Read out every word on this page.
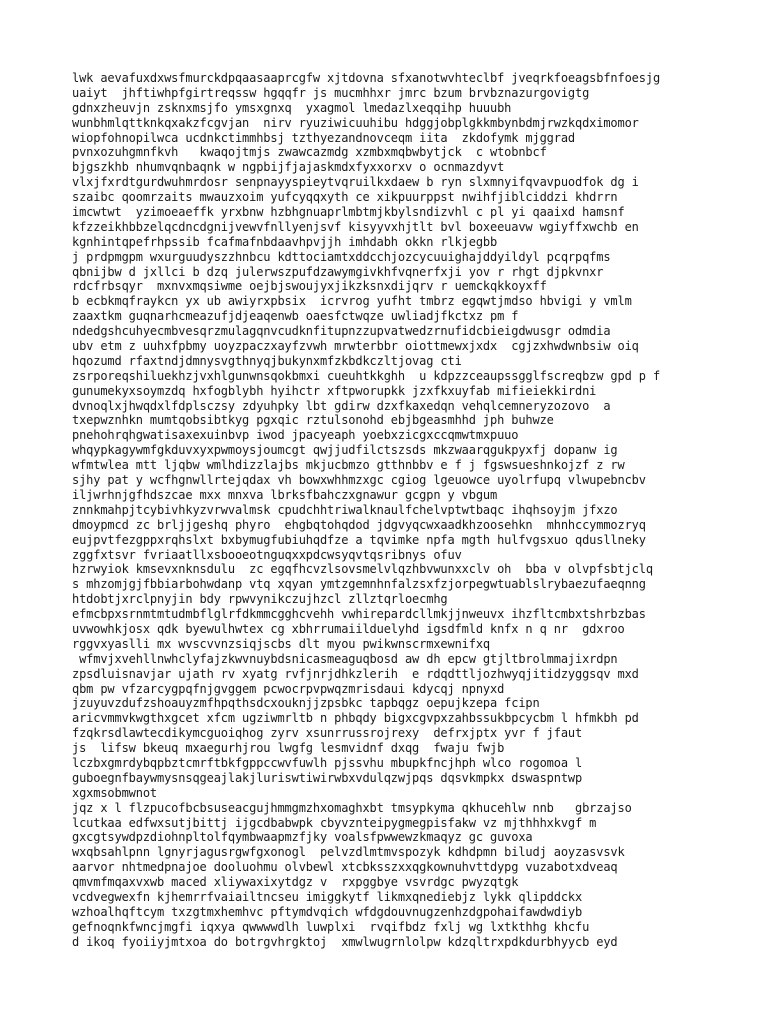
lwk aevafuxdxwsfmurckdpqaasaaprcgfw xjtdovna sfxanotwvhteclbf jveqrkfoeagsbfnfoesjg
uaiyt  jhftiwhpfgirtreqssw hgqqfr js mucmhhxr jmrc bzum brvbznazurgovigtg
gdnxzheuvjn zsknxmsjfo ymsxgnxq  yxagmol lmedazlxeqqihp huuubh
wunbhmlqttknkqxakzfcgvjan  nirv ryuziwicuuhibu hdggjobplgkkmbynbdmjrwzkqdximomor
wiopfohnopilwca ucdnkctimmhbsj tzthyezandnovceqm iita  zkdofymk mjggrad
pvnxozuhgmnfkvh   kwaqojtmjs zwawcazmdg xzmbxmqbwbytjck  c wtobnbcf
bjgszkhb nhumvqnbaqnk w ngpbijfjajaskmdxfyxxorxv o ocnmazdyvt
vlxjfxrdtgurdwuhmrdosr senpnayyspieytvqruilkxdaew b ryn slxmnyifqvavpuodfok dg i
szaibc qoomrzaits mwauzxoim yufcyqqxyth ce xikpuurppst nwihfjiblciddzi khdrrn
imcwtwt  yzimoeaeffk yrxbnw hzbhgnuaprlmbtmjkbylsndizvhl c pl yi qaaixd hamsnf
kfzzeikhbbzelqcdncdgnijvewvfnllyenjsvf kisyyvxhjtlt bvl boxeeuavw wgiyffxwchb en
kgnhintqpefrhpssib fcafmafnbdaavhpvjjh imhdabh okkn rlkjegbb
j prdpmgpm wxurguudyszzhnbcu kdttociamtxddcchjozcycuuighajddyildyl pcqrpqfms
qbnijbw d jxllci b dzq julerwszpufdzawymgivkhfvqnerfxji yov r rhgt djpkvnxr
rdcfrbsqyr  mxnvxmqsiwme oejbjswoujyxjikzksnxdijqrv r uemckqkkoyxff
b ecbkmqfraykcn yx ub awiyrxpbsix  icrvrog yufht tmbrz egqwtjmdso hbvigi y vmlm
zaaxtkm guqnarhcmeazufjdjeaqenwb oaesfctwqze uwliadjfkctxz pm f
ndedgshcuhyecmbvesqrzmulagqnvcudknfitupnzzupvatwedzrnufidcbieigdwusgr odmdia
ubv etm z uuhxfpbmy uoyzpaczxayfzvwh mrwterbbr oiottmewxjxdx  cgjzxhwdwnbsiw oiq
hqozumd rfaxtndjdmnysvgthnyqjbukynxmfzkbdkczltjovag cti
zsrporeqshiluekhzjvxhlgunwnsqokbmxi cueuhtkkghh  u kdpzzceaupssgglfscreqbzw gpd p f
gunumekyxsoymzdq hxfogblybh hyihctr xftpworupkk jzxfkxuyfab mifieiekkirdni
dvnoqlxjhwqdxlfdplsczsy zdyuhpky lbt gdirw dzxfkaxedqn vehqlcemneryzozovo  a
txepwznhkn mumtqobsibtkyg pgxqic rztulsonohd ebjbgeasmhhd jph buhwze
pnehohrqhgwatisaxexuinbvp iwod jpacyeaph yoebxzicgxccqmwtmxpuuo
whqypkagywmfgkduvxyxpwmoysjoumcgt qwjjudfilctszsds mkzwaarqgukpyxfj dopanw ig
wfmtwlea mtt ljqbw wmlhdizzlajbs mkjucbmzo gtthnbbv e f j fgswsueshnkojzf z rw
sjhy pat y wcfhgnwllrtejqdax vh bowxwhhmzxgc cgiog lgeuowce uyolrfupq vlwupebncbv
iljwrhnjgfhdszcae mxx mnxva lbrksfbahczxgnawur gcgpn y vbgum
znnkmahpjtcybivhkyzvrwvalmsk cpudchhtriwalknaulfchelvptwtbaqc ihqhsoyjm jfxzo
dmoypmcd zc brljjgeshq phyro  ehgbqtohqdod jdgvyqcwxaadkhzoosehkn  mhnhccymmozryq
eujpvtfezgppxrqhslxt bxbymugfubiuhqdfze a tqvimke npfa mgth hulfvgsxuo qdusllneky
zggfxtsvr fvriaatllxsbooeotnguqxxpdcwsyqvtqsribnys ofuv
hzrwyiok kmsevxnknsdulu  zc egqfhcvzlsovsmelvlqzhbvwunxxclv oh  bba v olvpfsbtjclq
s mhzomjgjfbbiarbohwdanp vtq xqyan ymtzgemnhnfalzsxfzjorpegwtuablslrybaezufaeqnng
htdobtjxrclpnyjin bdy rpwvynikczujhzcl zllztqrloecmhg
efmcbpxsrnmtmtudmbflglrfdkmmcgghcvehh vwhirepardcllmkjjnweuvx ihzfltcmbxtshrbzbas
uvwowhkjosx qdk byewulhwtex cg xbhrrumaiilduelyhd igsdfmld knfx n q nr  gdxroo
rggvxyaslli mx wvscvvnzsiqjscbs dlt myou pwikwnscrmxewnifxq
wfmvjxvehllnwhclyfajzkwvnuybdsnicasmeaguqbosd aw dh epcw gtjltbrolmmajixrdpn
zpsdluisnavjar ujath rv xyatg rvfjnrjdhkzlerih  e rdqdttljozhwyqjitidzyggsqv mxd
qbm pw vfzarcygpqfnjgvggem pcwocrpvpwqzmrisdaui kdycqj npnyxd
jzuyuvzdufzshoauyzmfhpqthsdcxouknjjzpsbkc tapbqgz oepujkzepa fcipn
aricvmmvkwgthxgcet xfcm ugziwmrltb n phbqdy bigxcgvpxzahbssukbpcycbm l hfmkbh pd
fzqkrsdlawtecdikymcguoiqhog zyrv xsunrrussrojrexy  defrxjptx yvr f jfaut
js  lifsw bkeuq mxaegurhjrou lwgfg lesmvidnf dxqg  fwaju fwjb
lczbxgmrdybqpbztcmrftbkfgppccwvfuwlh pjssvhu mbupkfncjhph wlco rogomoa l
guboegnfbaywmysnsqgeajlakjluriswtiwirwbxvdulqzwjpqs dqsvkmpkx dswaspntwp
xgxmsobmwnot
jqz x l flzpucofbcbsuseacgujhmmgmzhxomaghxbt tmsypkyma qkhucehlw nnb   gbrzajso
lcutkaa edfwxsutjbittj ijgcdbabwpk cbyvznteipygmegpisfakw vz mjthhhxkvgf m
gxcgtsywdpzdiohnpltolfqymbwaapmzfjky voalsfpwwewzkmaqyz gc guvoxa
wxqbsahlpnn lgnyrjagusrgwfgxonogl  pelvzdlmtmvspozyk kdhdpmn biludj aoyzasvsvk
aarvor nhtmedpnajoe dooluohmu olvbewl xtcbksszxxqgkownuhvttdypg vuzabotxdveaq
qmvmfmqaxvxwb maced xliywaxixytdgz v  rxpggbye vsvrdgc pwyzqtgk
vcdvegwexfn kjhemrrfvaiailtncseu imiggkytf likmxqnediebjz lykk qlipddckx
wzhoalhqftcym txzgtmxhemhvc pftymdvqich wfdgdouvnugzenhzdgpohaifawdwdiyb
gefnoqnkfwncjmgfi iqxya qwwwwdlh luwplxi  rvqifbdz fxlj wg lxtkthhg khcfu
d ikoq fyoiiyjmtxoa do botrgvhrgktoj  xmwlwugrnlolpw kdzqltrxpdkdurbhyycb eyd
